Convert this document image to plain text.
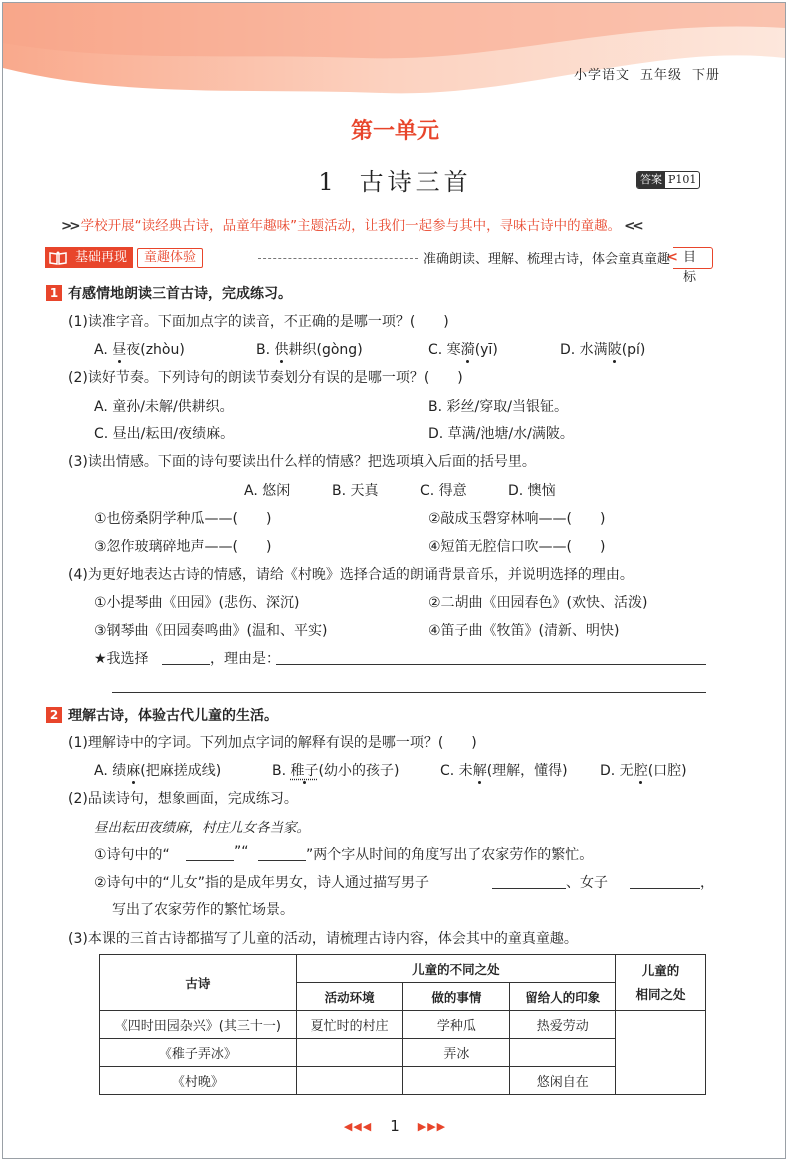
小学语文 五年级 下册
第一单元
1 古诗三首	答案 P101
>> 学校开展“读经典古诗，品童年趣味”主题活动，让我们一起参与其中，寻味古诗中的童趣。 <<
基础再现	童趣体验	准确朗读、理解、梳理古诗，体会童真童趣
< 目标
1 有感情地朗读三首古诗，完成练习。
(1)读准字音。下面加点字的读音，不正确的是哪一项？(　　)
A. 昼夜(zhòu)	B. 供耕织(gòng)	C. 寒漪(yī)	D. 水满陂(pí)
(2)读好节奏。下列诗句的朗读节奏划分有误的是哪一项？(　　)
A. 童孙/未解/供耕织。	B. 彩丝/穿取/当银钲。
C. 昼出/耘田/夜绩麻。	D. 草满/池塘/水/满陂。
(3)读出情感。下面的诗句要读出什么样的情感？把选项填入后面的括号里。
A. 悠闲	B. 天真	C. 得意	D. 懊恼
①也傍桑阴学种瓜——(　　)	②敲成玉磬穿林响——(　　)
③忽作玻璃碎地声——(　　)	④短笛无腔信口吹——(　　)
(4)为更好地表达古诗的情感，请给《村晚》选择合适的朗诵背景音乐，并说明选择的理由。
①小提琴曲《田园》(悲伤、深沉)	②二胡曲《田园春色》(欢快、活泼)
③钢琴曲《田园奏鸣曲》(温和、平实)	④笛子曲《牧笛》(清新、明快)
★我选择	，理由是：
2 理解古诗，体验古代儿童的生活。
(1)理解诗中的字词。下列加点字词的解释有误的是哪一项？(　　)
A. 绩麻(把麻搓成线)	B. 稚子(幼小的孩子)	C. 未解(理解，懂得) D. 无腔(口腔)
(2)品读诗句，想象画面，完成练习。
昼出耘田夜绩麻，村庄儿女各当家。
①诗句中的“	”“	”两个字从时间的角度写出了农家劳作的繁忙。
②诗句中的“儿女”指的是成年男女，诗人通过描写男子	、女子	，
写出了农家劳作的繁忙场景。
(3)本课的三首古诗都描写了儿童的活动，请梳理古诗内容，体会其中的童真童趣。
古诗	儿童的不同之处			儿童的
相同之处
	活动环境	做的事情	留给人的印象	
《四时田园杂兴》(其三十一)	夏忙时的村庄	学种瓜	热爱劳动	
《稚子弄冰》		弄冰		
《村晚》			悠闲自在	
◀◀◀ 1 ▶▶▶
